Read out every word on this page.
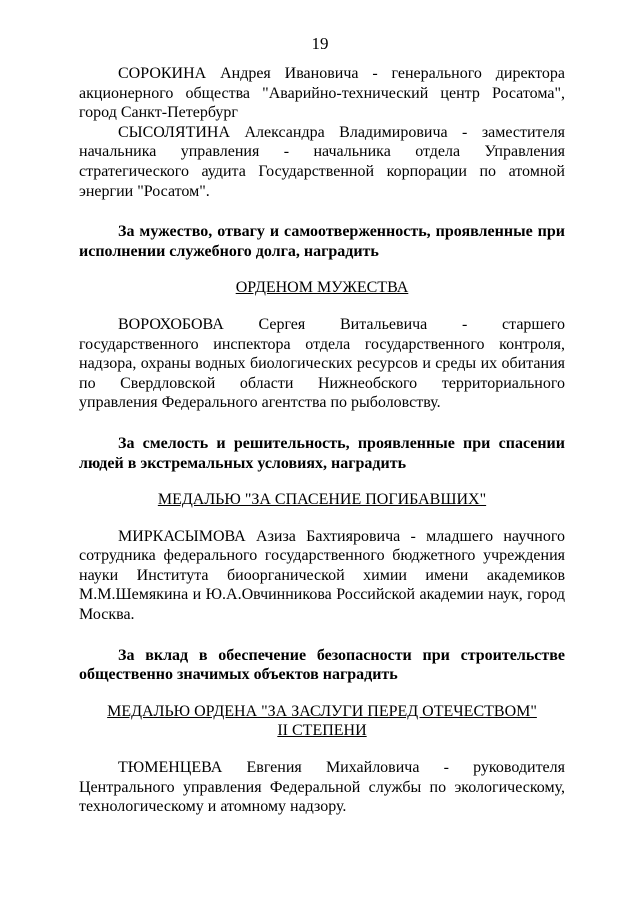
19

СОРОКИНА Андрея Ивановича - генерального директора акционерного общества "Аварийно-технический центр Росатома", город Санкт-Петербург

СЫСОЛЯТИНА Александра Владимировича - заместителя начальника управления - начальника отдела Управления стратегического аудита Государственной корпорации по атомной энергии "Росатом".

За мужество, отвагу и самоотверженность, проявленные при исполнении служебного долга, наградить

ОРДЕНОМ МУЖЕСТВА

ВОРОХОБОВА Сергея Витальевича - старшего государственного инспектора отдела государственного контроля, надзора, охраны водных биологических ресурсов и среды их обитания по Свердловской области Нижнеобского территориального управления Федерального агентства по рыболовству.

За смелость и решительность, проявленные при спасении людей в экстремальных условиях, наградить

МЕДАЛЬЮ "ЗА СПАСЕНИЕ ПОГИБАВШИХ"

МИРКАСЫМОВА Азиза Бахтияровича - младшего научного сотрудника федерального государственного бюджетного учреждения науки Института биоорганической химии имени академиков М.М.Шемякина и Ю.А.Овчинникова Российской академии наук, город Москва.

За вклад в обеспечение безопасности при строительстве общественно значимых объектов наградить

МЕДАЛЬЮ ОРДЕНА "ЗА ЗАСЛУГИ ПЕРЕД ОТЕЧЕСТВОМ"

II СТЕПЕНИ

ТЮМЕНЦЕВА Евгения Михайловича - руководителя Центрального управления Федеральной службы по экологическому, технологическому и атомному надзору.
